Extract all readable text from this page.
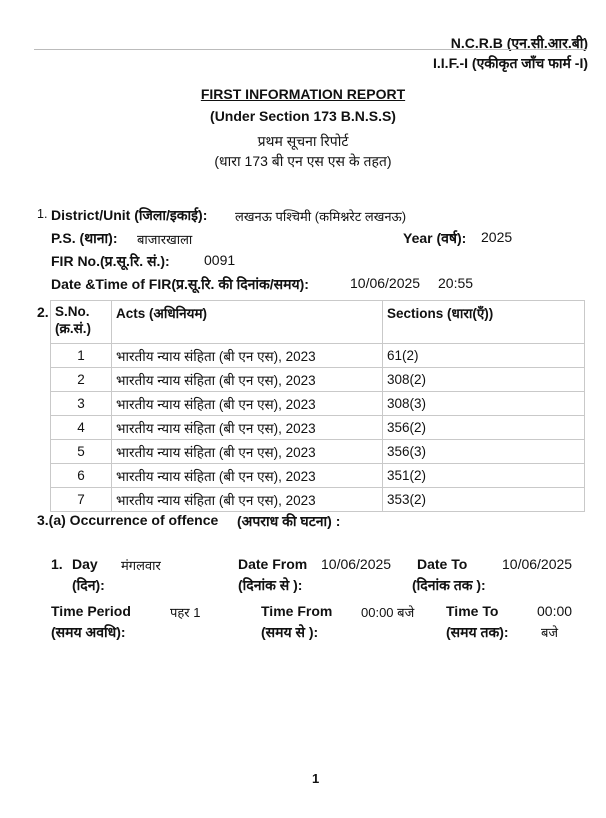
N.C.R.B (एन.सी.आर.बी)
I.I.F.-I (एकीकृत जाँच फार्म -I)
FIRST INFORMATION REPORT
(Under Section 173 B.N.S.S)
प्रथम सूचना रिपोर्ट
(धारा 173 बी एन एस एस के तहत)
1. District/Unit (जिला/इकाई): लखनऊ पश्चिमी (कमिश्नरेट लखनऊ)
P.S. (थाना): बाजारखाला	Year (वर्ष): 2025
FIR No.(प्र.सू.रि. सं.): 0091
Date &Time of FIR(प्र.सू.रि. की दिनांक/समय):	10/06/2025 20:55
2. S.No.
(क्र.सं.)	Acts (अधिनियम)	Sections (धारा(एँ))
1	भारतीय न्याय संहिता (बी एन एस), 2023	61(2)
2	भारतीय न्याय संहिता (बी एन एस), 2023	308(2)
3	भारतीय न्याय संहिता (बी एन एस), 2023	308(3)
4	भारतीय न्याय संहिता (बी एन एस), 2023	356(2)
5	भारतीय न्याय संहिता (बी एन एस), 2023	356(3)
6	भारतीय न्याय संहिता (बी एन एस), 2023	351(2)
7	भारतीय न्याय संहिता (बी एन एस), 2023	353(2)
3.(a) Occurrence of offence (अपराध की घटना) :
1. Day मंगलवार
(दिन):
Date From 10/06/2025
(दिनांक से ):
Date To 10/06/2025
(दिनांक तक ):
Time Period	पहर 1
(समय अवधि):
Time From 00:00 बजे
(समय से ):
Time To	00:00
(समय तक): बजे
1
